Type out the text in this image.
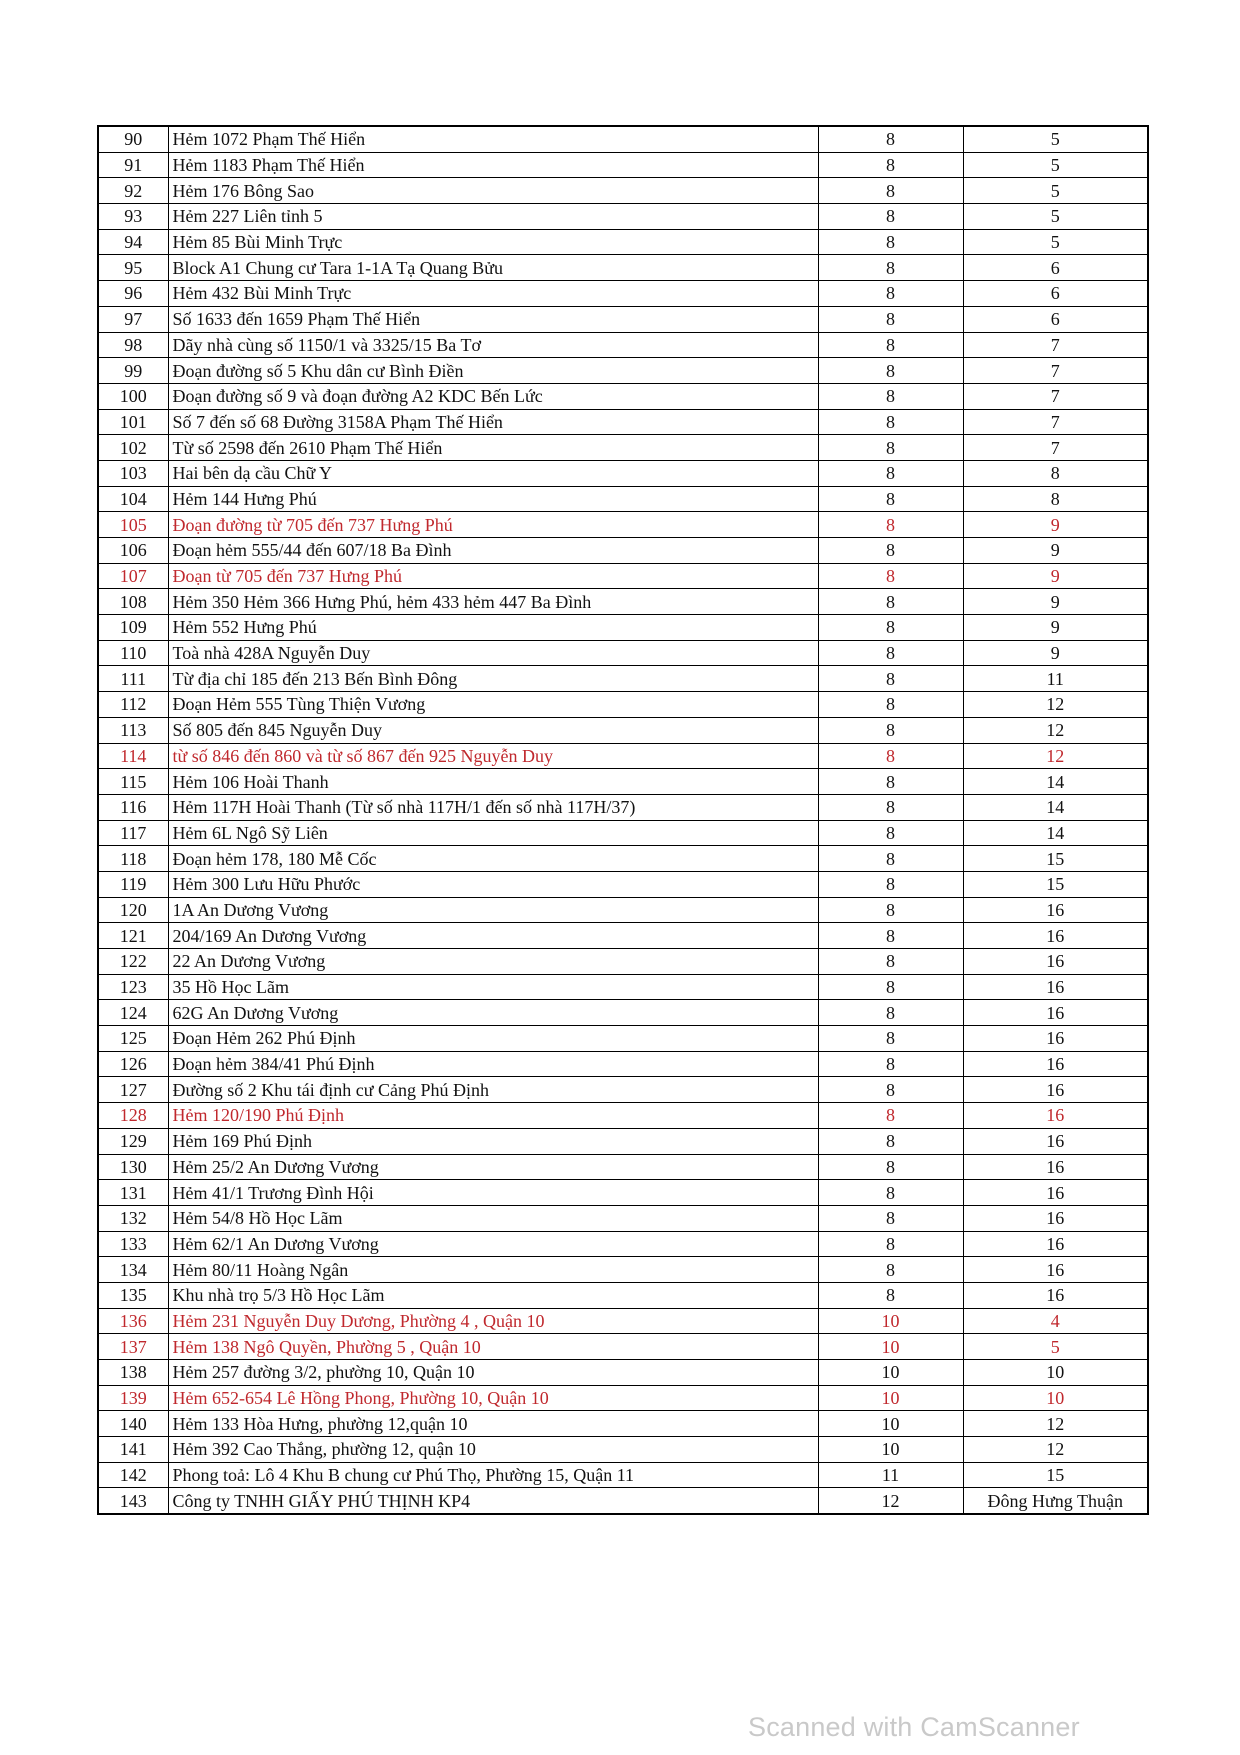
90	Hẻm 1072 Phạm Thế Hiển	8	5
91	Hẻm 1183 Phạm Thế Hiển	8	5
92	Hẻm 176 Bông Sao	8	5
93	Hẻm 227 Liên tỉnh 5	8	5
94	Hẻm 85 Bùi Minh Trực	8	5
95	Block A1 Chung cư Tara 1-1A Tạ Quang Bửu	8	6
96	Hẻm 432 Bùi Minh Trực	8	6
97	Số 1633 đến 1659 Phạm Thế Hiển	8	6
98	Dãy nhà cùng số 1150/1 và 3325/15 Ba Tơ	8	7
99	Đoạn đường số 5 Khu dân cư Bình Điền	8	7
100	Đoạn đường số 9 và đoạn đường A2 KDC Bến Lức	8	7
101	Số 7 đến số 68 Đường 3158A Phạm Thế Hiển	8	7
102	Từ số 2598 đến 2610 Phạm Thế Hiển	8	7
103	Hai bên dạ cầu Chữ Y	8	8
104	Hẻm 144 Hưng Phú	8	8
105	Đoạn đường từ 705 đến 737 Hưng Phú	8	9
106	Đoạn hẻm 555/44 đến 607/18 Ba Đình	8	9
107	Đoạn từ 705 đến 737 Hưng Phú	8	9
108	Hẻm 350 Hẻm 366 Hưng Phú, hẻm 433 hẻm 447 Ba Đình	8	9
109	Hẻm 552 Hưng Phú	8	9
110	Toà nhà 428A Nguyễn Duy	8	9
111	Từ địa chỉ 185 đến 213 Bến Bình Đông	8	11
112	Đoạn Hẻm 555 Tùng Thiện Vương	8	12
113	Số 805 đến 845 Nguyễn Duy	8	12
114	từ số 846 đến 860 và từ số 867 đến 925 Nguyễn Duy	8	12
115	Hẻm 106 Hoài Thanh	8	14
116	Hẻm 117H Hoài Thanh (Từ số nhà 117H/1 đến số nhà 117H/37)	8	14
117	Hẻm 6L Ngô Sỹ Liên	8	14
118	Đoạn hẻm 178, 180 Mễ Cốc	8	15
119	Hẻm 300 Lưu Hữu Phước	8	15
120	1A An Dương Vương	8	16
121	204/169 An Dương Vương	8	16
122	22 An Dương Vương	8	16
123	35 Hồ Học Lãm	8	16
124	62G An Dương Vương	8	16
125	Đoạn Hẻm 262 Phú Định	8	16
126	Đoạn hẻm 384/41 Phú Định	8	16
127	Đường số 2 Khu tái định cư Cảng Phú Định	8	16
128	Hẻm 120/190 Phú Định	8	16
129	Hẻm 169 Phú Định	8	16
130	Hẻm 25/2 An Dương Vương	8	16
131	Hẻm 41/1 Trương Đình Hội	8	16
132	Hẻm 54/8 Hồ Học Lãm	8	16
133	Hẻm 62/1 An Dương Vương	8	16
134	Hẻm 80/11 Hoàng Ngân	8	16
135	Khu nhà trọ 5/3 Hồ Học Lãm	8	16
136	Hẻm 231 Nguyễn Duy Dương, Phường 4 , Quận 10	10	4
137	Hẻm 138 Ngô Quyền, Phường 5 , Quận 10	10	5
138	Hẻm 257 đường 3/2, phường 10, Quận 10	10	10
139	Hẻm 652-654 Lê Hồng Phong, Phường 10, Quận 10	10	10
140	Hẻm 133 Hòa Hưng, phường 12,quận 10	10	12
141	Hẻm 392 Cao Thắng, phường 12, quận 10	10	12
142	Phong toả: Lô 4 Khu B chung cư Phú Thọ, Phường 15, Quận 11	11	15
143	Công ty TNHH GIẤY PHÚ THỊNH KP4	12	Đông Hưng Thuận
Scanned with CamScanner
